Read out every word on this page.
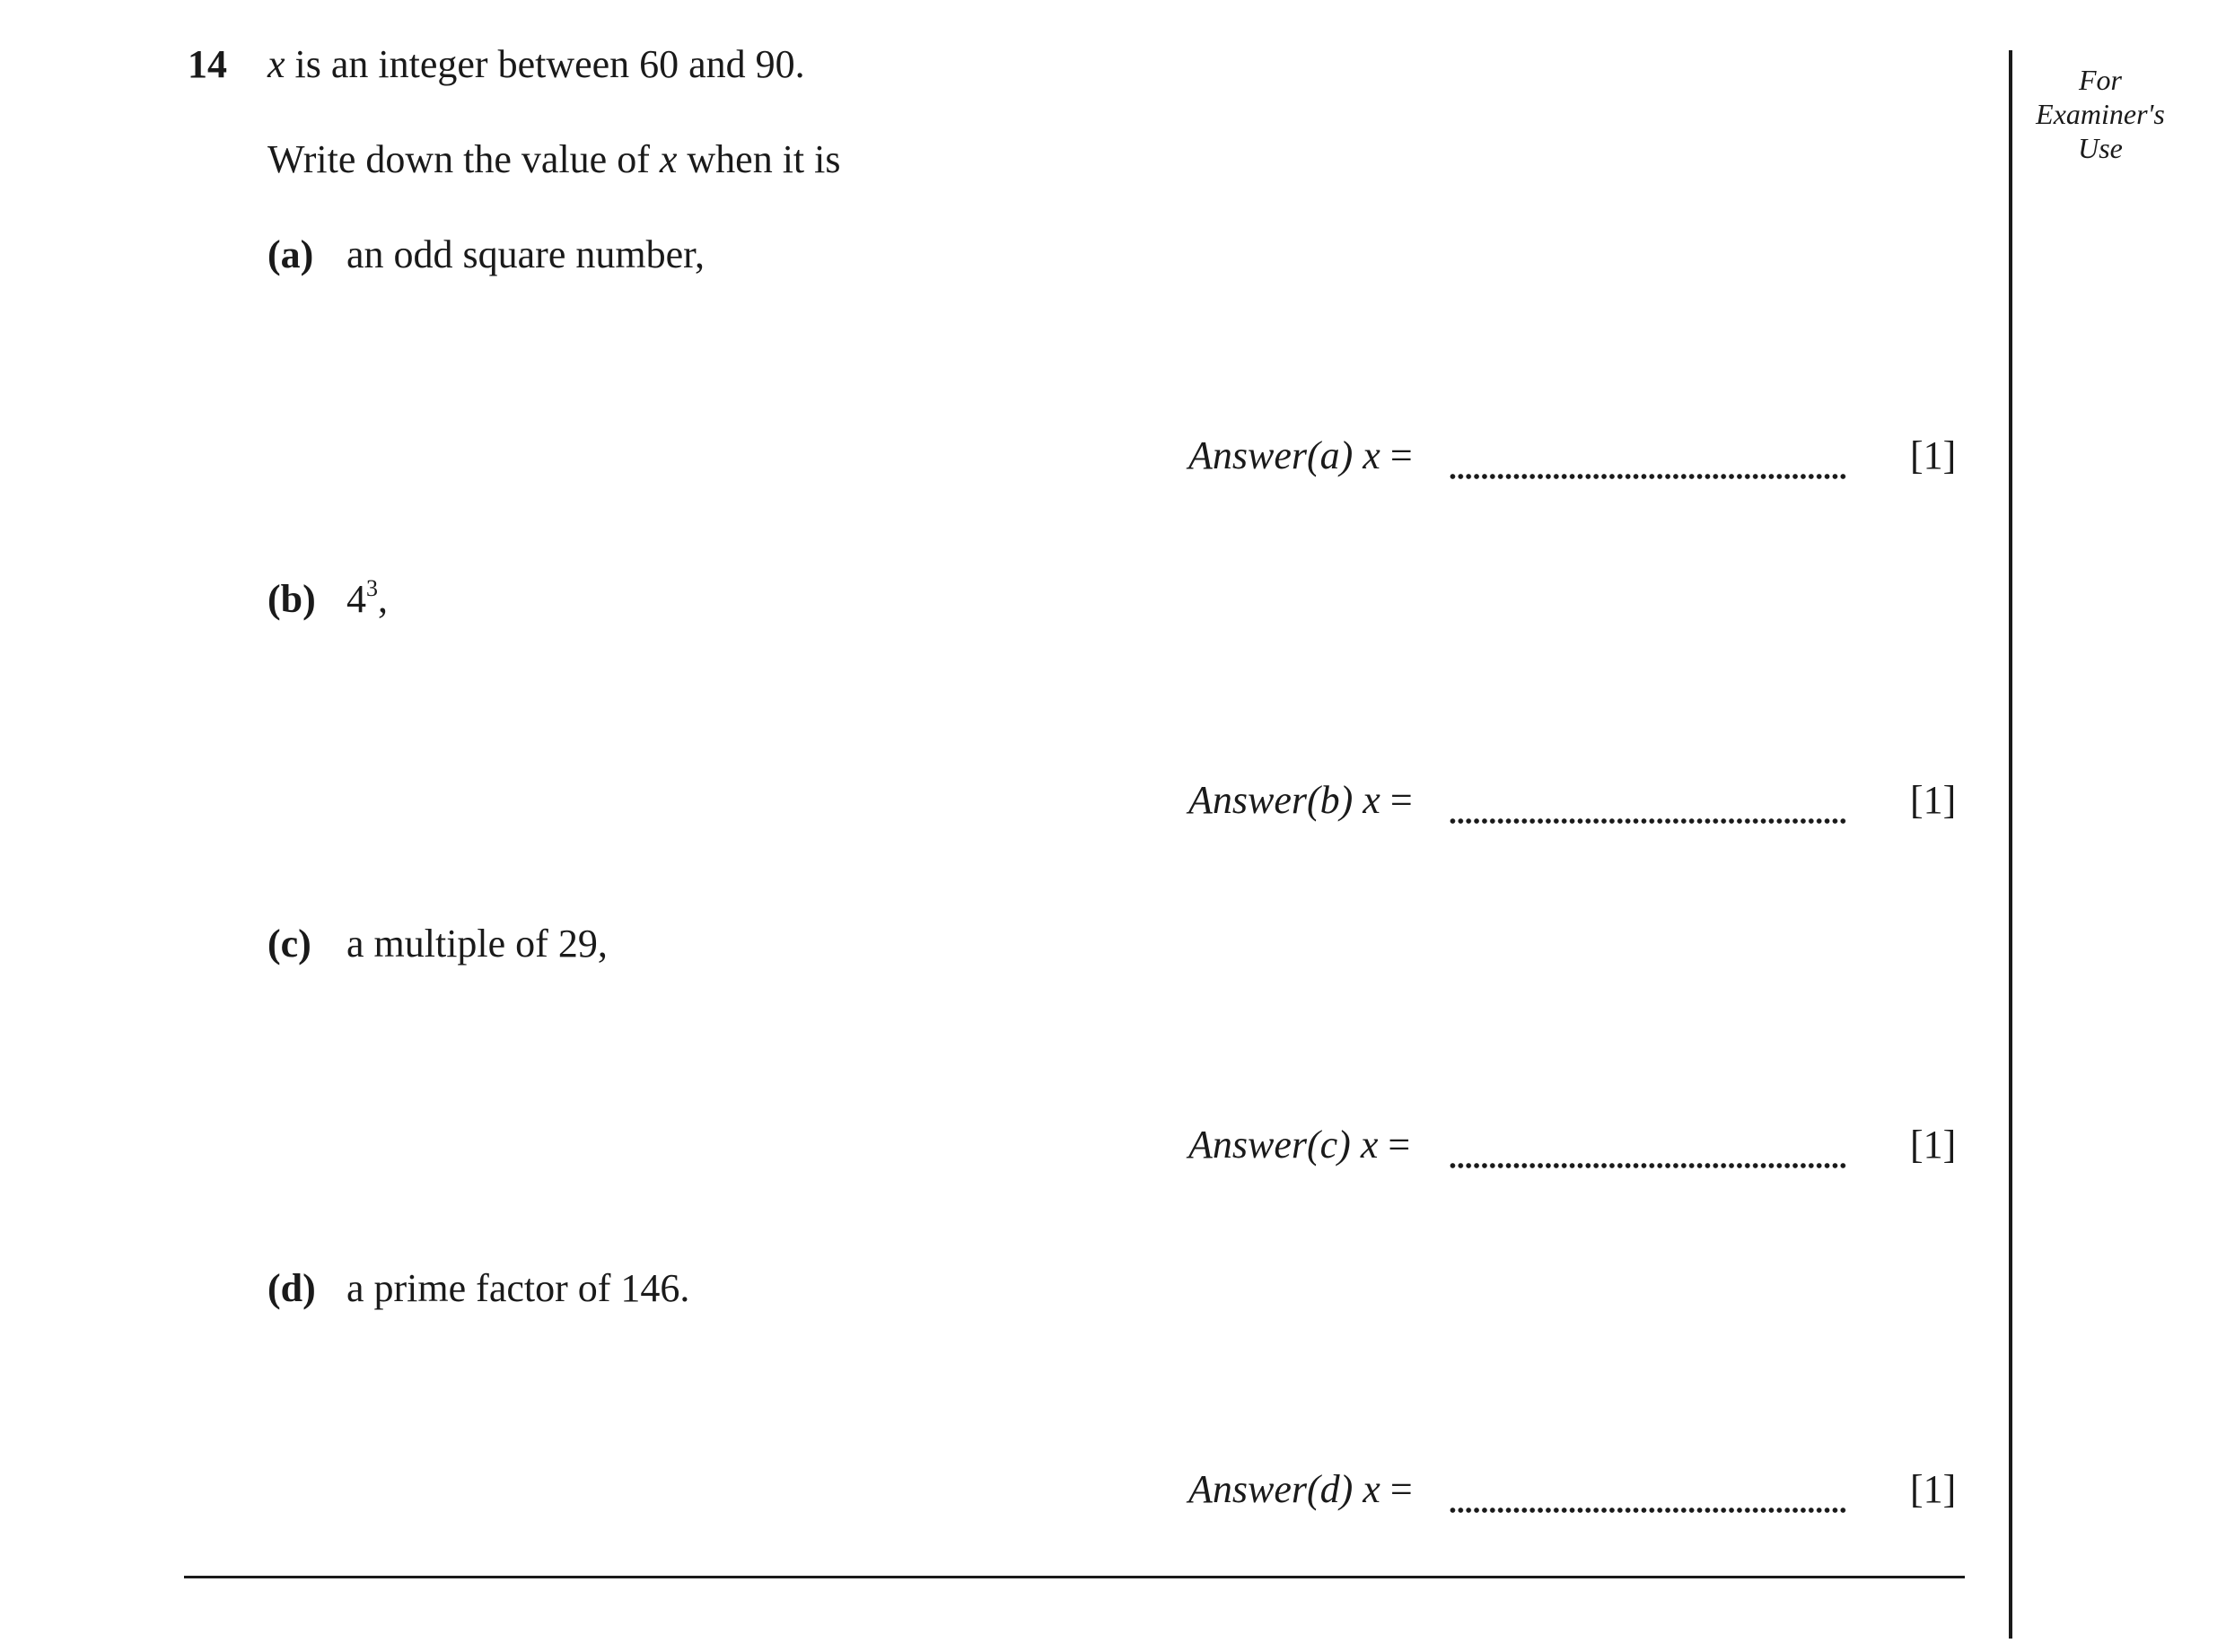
14 x is an integer between 60 and 90.
Write down the value of x when it is
(a) an odd square number,
(b) $4^3$,
(c) a multiple of 29,
(d) a prime factor of 146.
Answer(a) x =	[1]
Answer(b) x =	[1]
Answer(c) x =	[1]
Answer(d) x =	[1]
For
Examiner's
Use
